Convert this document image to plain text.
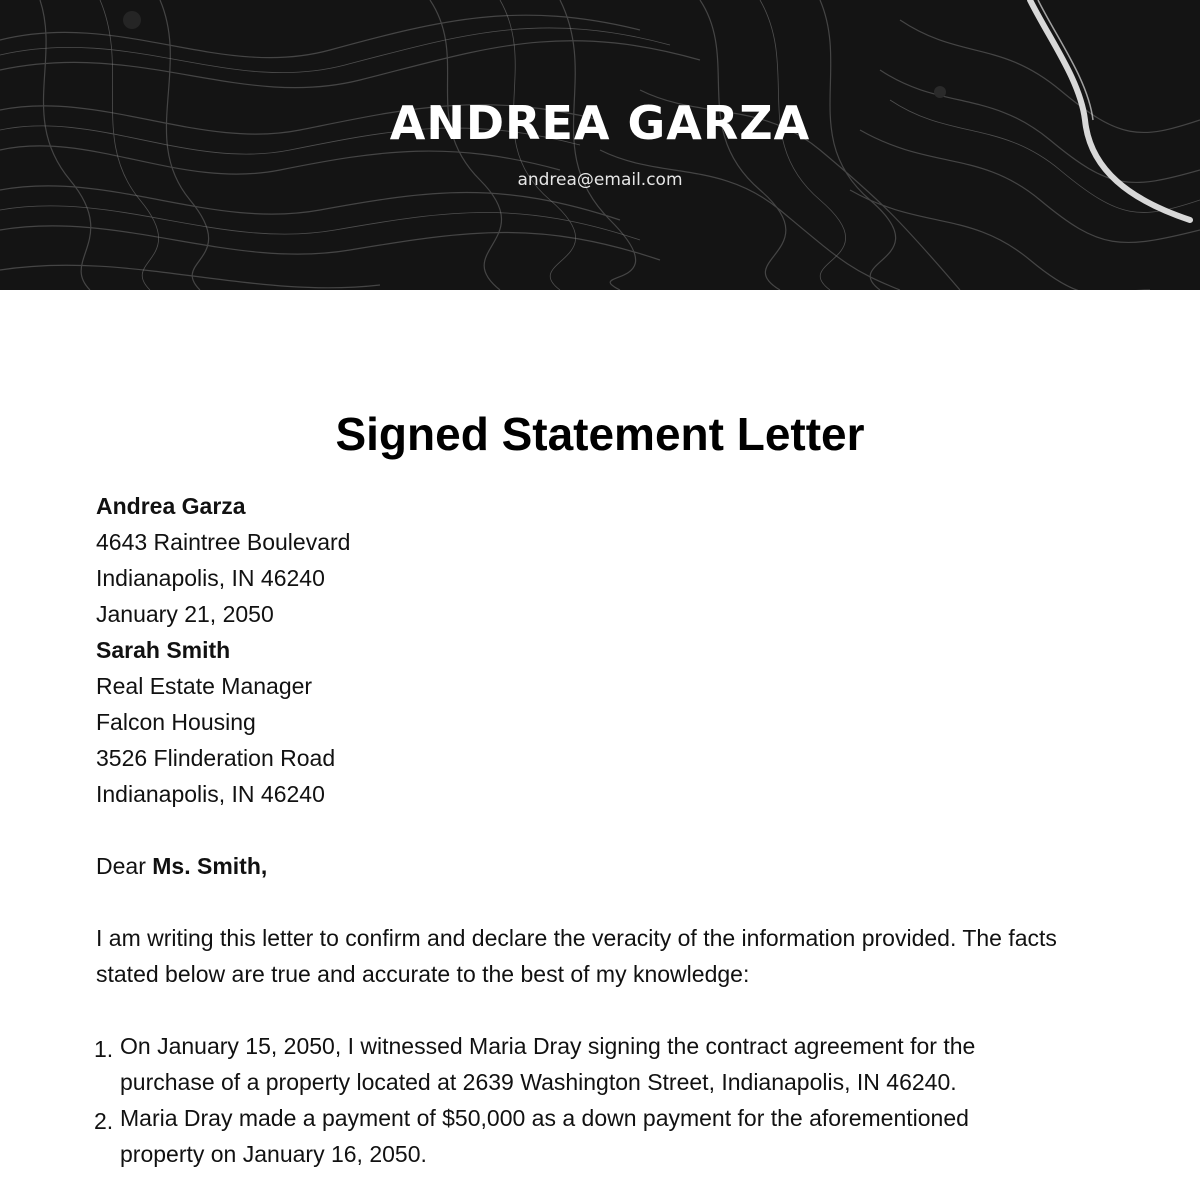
ANDREA GARZA
andrea@email.com
Signed Statement Letter
Andrea Garza
4643 Raintree Boulevard
Indianapolis, IN 46240
January 21, 2050
Sarah Smith
Real Estate Manager
Falcon Housing
3526 Flinderation Road
Indianapolis, IN 46240
Dear Ms. Smith,

I am writing this letter to confirm and declare the veracity of the information provided. The facts stated below are true and accurate to the best of my knowledge:

1. On January 15, 2050, I witnessed Maria Dray signing the contract agreement for the purchase of a property located at 2639 Washington Street, Indianapolis, IN 46240.
2. Maria Dray made a payment of $50,000 as a down payment for the aforementioned property on January 16, 2050.
